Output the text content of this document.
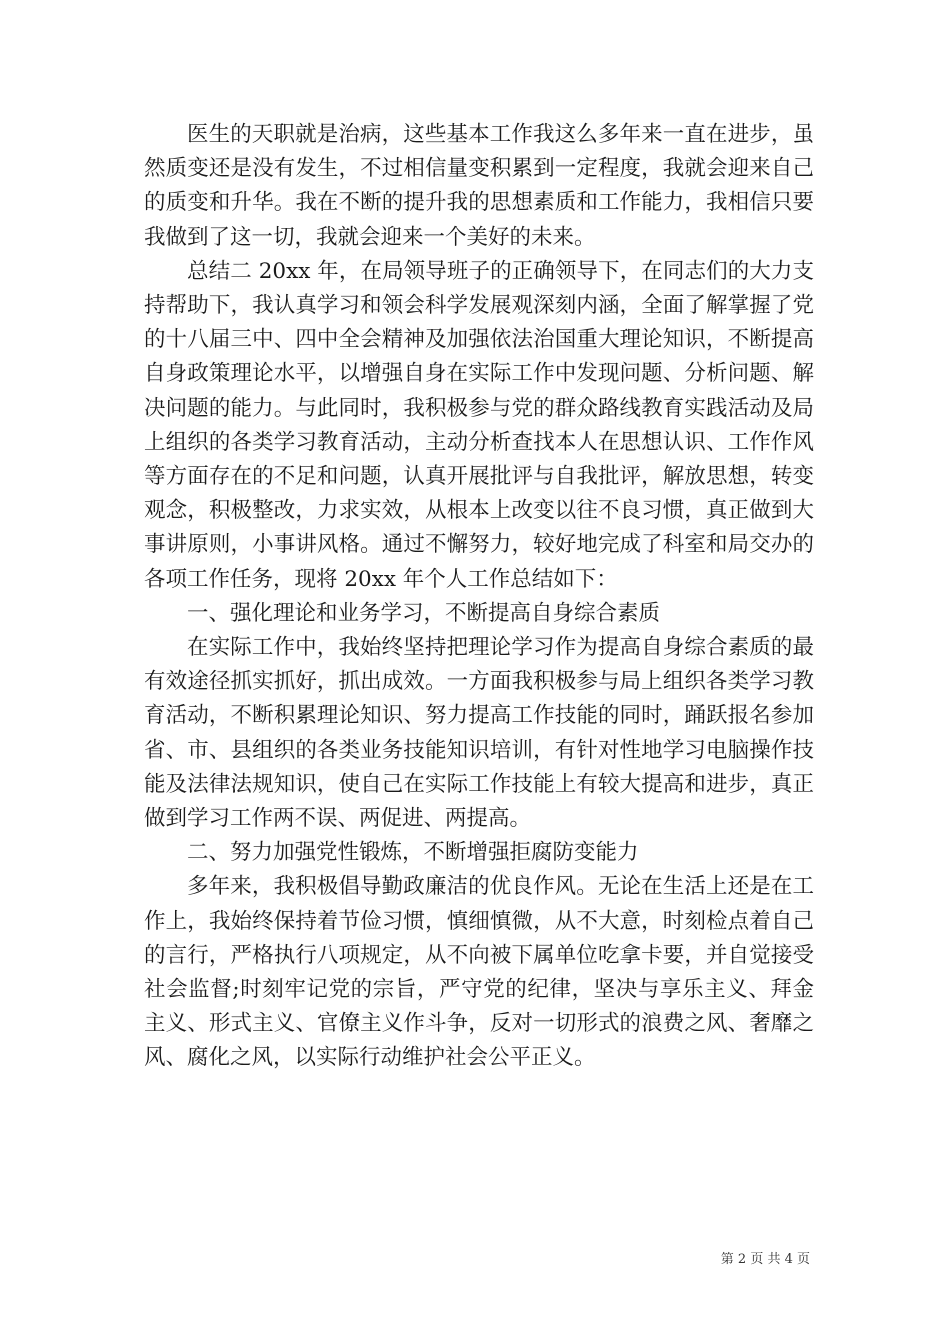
医生的天职就是治病，这些基本工作我这么多年来一直在进步，虽然质变还是没有发生，不过相信量变积累到一定程度，我就会迎来自己的质变和升华。我在不断的提升我的思想素质和工作能力，我相信只要我做到了这一切，我就会迎来一个美好的未来。

总结二 20xx 年，在局领导班子的正确领导下，在同志们的大力支持帮助下，我认真学习和领会科学发展观深刻内涵，全面了解掌握了党的十八届三中、四中全会精神及加强依法治国重大理论知识，不断提高自身政策理论水平，以增强自身在实际工作中发现问题、分析问题、解决问题的能力。与此同时，我积极参与党的群众路线教育实践活动及局上组织的各类学习教育活动，主动分析查找本人在思想认识、工作作风等方面存在的不足和问题，认真开展批评与自我批评，解放思想，转变观念，积极整改，力求实效，从根本上改变以往不良习惯，真正做到大事讲原则，小事讲风格。通过不懈努力，较好地完成了科室和局交办的各项工作任务，现将 20xx 年个人工作总结如下：

一、强化理论和业务学习，不断提高自身综合素质

在实际工作中，我始终坚持把理论学习作为提高自身综合素质的最有效途径抓实抓好，抓出成效。一方面我积极参与局上组织各类学习教育活动，不断积累理论知识、努力提高工作技能的同时，踊跃报名参加省、市、县组织的各类业务技能知识培训，有针对性地学习电脑操作技能及法律法规知识，使自己在实际工作技能上有较大提高和进步，真正做到学习工作两不误、两促进、两提高。

二、努力加强党性锻炼，不断增强拒腐防变能力

多年来，我积极倡导勤政廉洁的优良作风。无论在生活上还是在工作上，我始终保持着节俭习惯，慎细慎微，从不大意，时刻检点着自己的言行，严格执行八项规定，从不向被下属单位吃拿卡要，并自觉接受社会监督;时刻牢记党的宗旨，严守党的纪律，坚决与享乐主义、拜金主义、形式主义、官僚主义作斗争，反对一切形式的浪费之风、奢靡之风、腐化之风，以实际行动维护社会公平正义。

第 2 页 共 4 页
